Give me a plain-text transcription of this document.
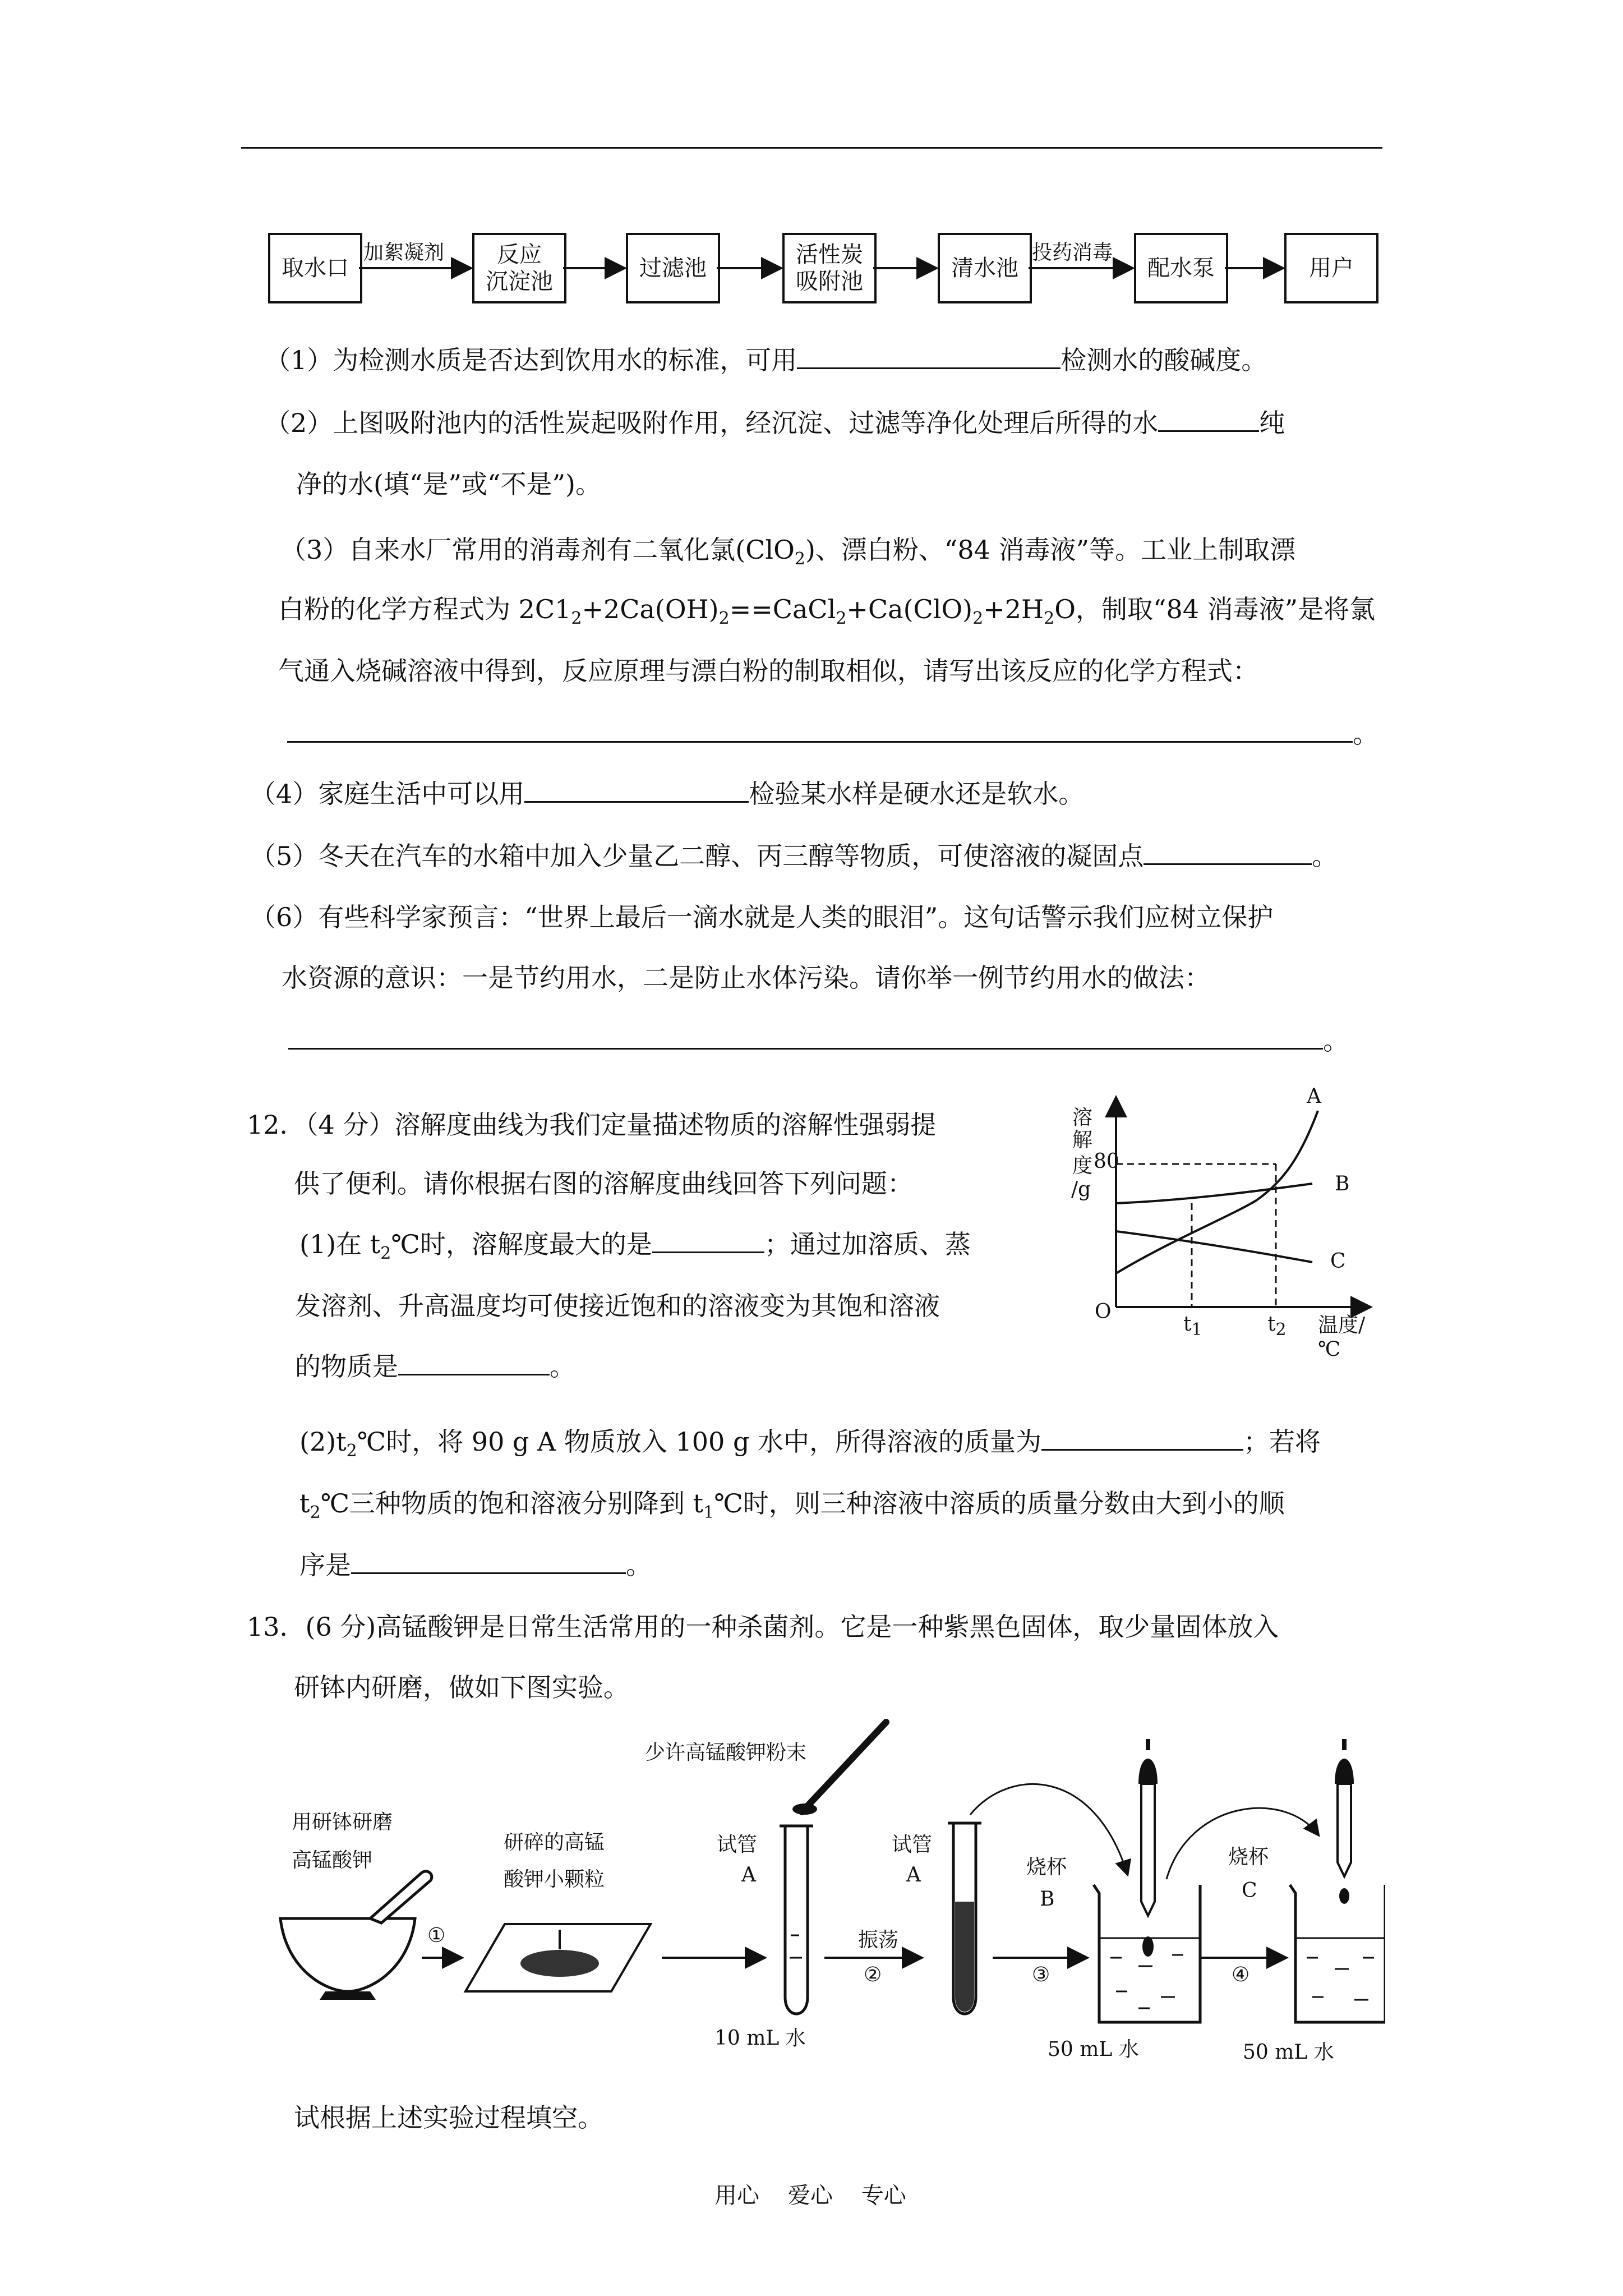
取水口
反应
沉淀池
过滤池
活性炭
吸附池
清水池	配水泵	用户
加絮凝剂	投药消毒
（1）为检测水质是否达到饮用水的标准，可用	检测水的酸碱度。
（2）上图吸附池内的活性炭起吸附作用，经沉淀、过滤等净化处理后所得的水	纯
净的水(填“是”或“不是”)。
（3）自来水厂常用的消毒剂有二氧化氯(ClO$_2$)、漂白粉、“84 消毒液”等。工业上制取漂
白粉的化学方程式为 $2C1_2+2Ca(OH)_2==CaCl_2+Ca(ClO)_2+2H_2O$，制取“84 消毒液”是将氯
气通入烧碱溶液中得到，反应原理与漂白粉的制取相似，请写出该反应的化学方程式：
。
（4）家庭生活中可以用	检验某水样是硬水还是软水。
（5）冬天在汽车的水箱中加入少量乙二醇、丙三醇等物质，可使溶液的凝固点	。
（6）有些科学家预言：“世界上最后一滴水就是人类的眼泪”。这句话警示我们应树立保护
水资源的意识：一是节约用水，二是防止水体污染。请你举一例节约用水的做法：
。
12．（4 分）溶解度曲线为我们定量描述物质的溶解性强弱提
供了便利。请你根据右图的溶解度曲线回答下列问题：
(1)在 $t_2℃$时，溶解度最大的是	；通过加溶质、蒸
发溶剂、升高温度均可使接近饱和的溶液变为其饱和溶液
的物质是	。
$(2)t_2℃$时，将 90 g A 物质放入 100 g 水中，所得溶液的质量为	；若将
$t_2℃$三种物质的饱和溶液分别降到 $t_1℃$时，则三种溶液中溶质的质量分数由大到小的顺
序是	。
溶
解
度 80
/g
A
B
C
O
$t_1$	$t_2$ 温度/℃
13．(6 分)高锰酸钾是日常生活常用的一种杀菌剂。它是一种紫黑色固体，取少量固体放入
研钵内研磨，做如下图实验。
用研钵研磨
高锰酸钾
①
研碎的高锰
酸钾小颗粒
少许高锰酸钾粉末
试管
A
10 mL 水
振荡
②
试管
A	烧杯
B
③
50 mL 水
烧杯
C
④
50 mL 水
试根据上述实验过程填空。
用心    爱心    专心
